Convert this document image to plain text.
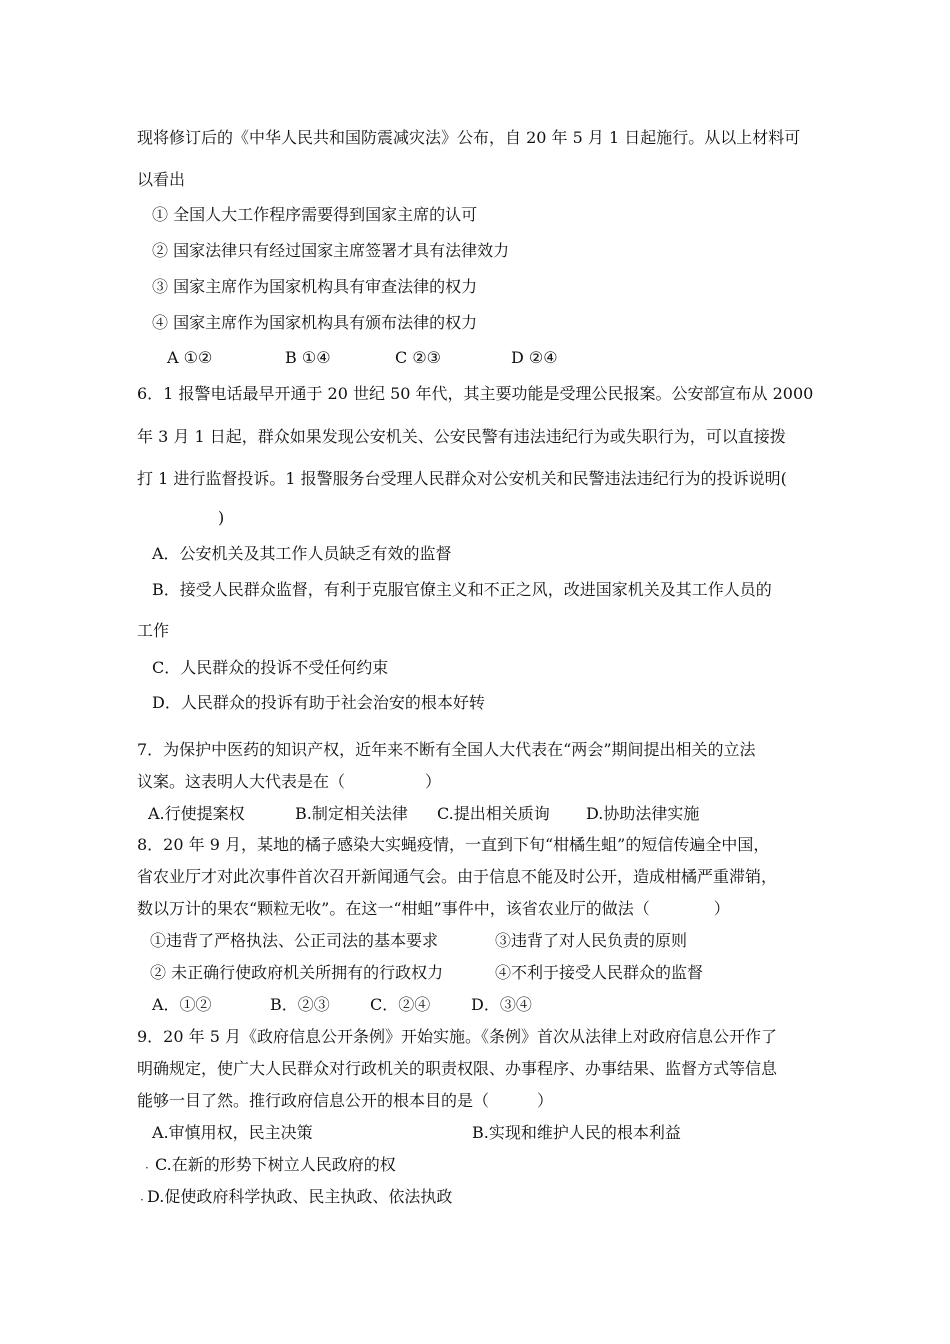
现将修订后的《中华人民共和国防震减灾法》公布，自 20 年 5 月 1 日起施行。从以上材料可
以看出
① 全国人大工作程序需要得到国家主席的认可
② 国家法律只有经过国家主席签署才具有法律效力
③ 国家主席作为国家机构具有审查法律的权力
④ 国家主席作为国家机构具有颁布法律的权力
A ①②	B ①④	C ②③	D ②④
6．1 报警电话最早开通于 20 世纪 50 年代，其主要功能是受理公民报案。公安部宣布从 2000
年 3 月 1 日起，群众如果发现公安机关、公安民警有违法违纪行为或失职行为，可以直接拨
打 1 进行监督投诉。1 报警服务台受理人民群众对公安机关和民警违法违纪行为的投诉说明(
)
A．公安机关及其工作人员缺乏有效的监督
B．接受人民群众监督，有利于克服官僚主义和不正之风，改进国家机关及其工作人员的
工作
C．人民群众的投诉不受任何约束
D．人民群众的投诉有助于社会治安的根本好转
7．为保护中医药的知识产权，近年来不断有全国人大代表在“两会”期间提出相关的立法
议案。这表明人大代表是在（　　　　　）
A.行使提案权	B.制定相关法律 C.提出相关质询 D.协助法律实施
8．20 年 9 月，某地的橘子感染大实蝇疫情，一直到下旬“柑橘生蛆”的短信传遍全中国，
省农业厅才对此次事件首次召开新闻通气会。由于信息不能及时公开，造成柑橘严重滞销，
数以万计的果农“颗粒无收”。在这一“柑蛆”事件中，该省农业厅的做法（　　　　）
①违背了严格执法、公正司法的基本要求	③违背了对人民负责的原则
② 未正确行使政府机关所拥有的行政权力	④不利于接受人民群众的监督
A．①②	B．②③	C．②④	D．③④
9．20 年 5 月《政府信息公开条例》开始实施。《条例》首次从法律上对政府信息公开作了
明确规定，使广大人民群众对行政机关的职责权限、办事程序、办事结果、监督方式等信息
能够一目了然。推行政府信息公开的根本目的是（　　　）
A.审慎用权，民主决策	B.实现和维护人民的根本利益
· C.在新的形势下树立人民政府的权
· D.促使政府科学执政、民主执政、依法执政
